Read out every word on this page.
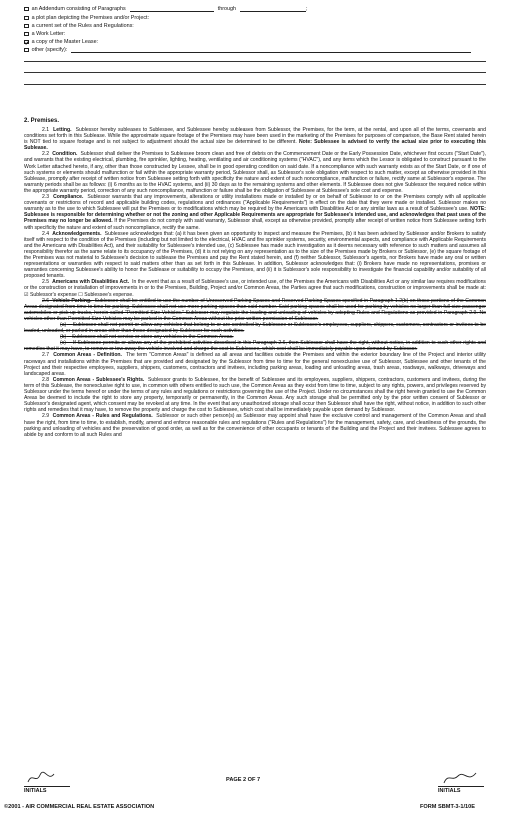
an Addendum consisting of Paragraphs	through	;
a plot plan depicting the Premises and/or Project:
a current set of the Rules and Regulations:
a Work Letter:
a copy of the Master Lease:
other (specify):
2. Premises.

2.1 Letting. Sublessor hereby subleases to Sublessee, and Sublessee hereby subleases from Sublessor, the Premises, for the term, at the rental, and upon all of the terms, covenants and conditions set forth in this Sublease. While the approximate square footage of the Premises may have been used in the marketing of the Premises for purposes of comparison, the Base Rent stated herein is NOT tied to square footage and is not subject to adjustment should the actual size be determined to be different. Note: Sublessee is advised to verify the actual size prior to executing this Sublease.

2.2 Condition. Sublessor shall deliver the Premises to Sublessee broom clean and free of debris on the Commencement Date or the Early Possession Date, whichever first occurs ("Start Date"), and warrants that the existing electrical, plumbing, fire sprinkler, lighting, heating, ventilating and air conditioning systems ("HVAC"), and any items which the Lessor is obligated to construct pursuant to the Work Letter attached hereto, if any, other than those constructed by Lessee, shall be in good operating condition on said date. If a noncompliance with such warranty exists as of the Start Date, or if one of such systems or elements should malfunction or fail within the appropriate warranty period, Sublessor shall, as Sublessor's sole obligation with respect to such matter, except as otherwise provided in this Sublease, promptly after receipt of written notice from Sublessee setting forth with specificity the nature and extent of such noncompliance, malfunction or failure, rectify same at Sublessor's expense. The warranty periods shall be as follows: (i) 6 months as to the HVAC systems, and (ii) 30 days as to the remaining systems and other elements. If Sublessee does not give Sublessor the required notice within the appropriate warranty period, correction of any such noncompliance, malfunction or failure shall be the obligation of Sublessee at Sublessee's sole cost and expense.

2.3 Compliance. Sublessor warrants that any improvements, alterations or utility installations made or installed by or on behalf of Sublessor to or on the Premises comply with all applicable covenants or restrictions of record and applicable building codes, regulations and ordinances ("Applicable Requirements") in effect on the date that they were made or installed. Sublessor makes no warranty as to the use to which Sublessee will put the Premises or to modifications which may be required by the Americans with Disabilities Act or any similar laws as a result of Sublessee's use. NOTE: Sublessee is responsible for determining whether or not the zoning and other Applicable Requirements are appropriate for Sublessee's intended use, and acknowledges that past uses of the Premises may no longer be allowed. If the Premises do not comply with said warranty, Sublessor shall, except as otherwise provided, promptly after receipt of written notice from Sublessee setting forth with specificity the nature and extent of such noncompliance, rectify the same.

2.4 Acknowledgements. Sublessee acknowledges that: (a) it has been given an opportunity to inspect and measure the Premises, (b) it has been advised by Sublessor and/or Brokers to satisfy itself with respect to the condition of the Premises (including but not limited to the electrical, HVAC and fire sprinkler systems, security, environmental aspects, and compliance with Applicable Requirements and the Americans with Disabilities Act), and their suitability for Sublessee's intended use, (c) Sublessee has made such investigation as it deems necessary with reference to such matters and assumes all responsibility therefor as the same relate to its occupancy of the Premises, (d) it is not relying on any representation as to the size of the Premises made by Brokers or Sublessor, (e) the square footage of the Premises was not material to Sublessee's decision to sublease the Premises and pay the Rent stated herein, and (f) neither Sublessor, Sublessor's agents, nor Brokers have made any oral or written representations or warranties with respect to said matters other than as set forth in this Sublease. In addition, Sublessor acknowledges that: (i) Brokers have made no representations, promises or warranties concerning Sublessee's ability to honor the Sublease or suitability to occupy the Premises, and (ii) it is Sublessor's sole responsibility to investigate the financial capability and/or suitability of all proposed tenants.

2.5 Americans with Disabilities Act. In the event that as a result of Sublessee's use, or intended use, of the Premises the Americans with Disabilities Act or any similar law requires modifications or the construction or installation of improvements in or to the Premises, Building, Project and/or Common Areas, the Parties agree that such modifications, construction or improvements shall be made at: ☑ Sublessor's expense ☐ Sublessee's expense.

2.6 Vehicle Parking. Sublessee shall be entitled to use the number of Unreserved Parking Spaces and Reserved Parking Spaces specified in Paragraph 1.2(b) on those portions of the Common Areas designated from time to time for parking. Sublessee shall not use more parking spaces than said number. Said parking spaces shall be used for parking by vehicles no larger than full-size passenger automobiles or pick-up trucks, herein called "Permitted Size Vehicles." Sublessor may regulate the loading and unloading of vehicles by adopting Rules and Regulations as provided in Paragraph 2.9. No vehicles other than Permitted Size Vehicles may be parked in the Common Areas without the prior written permission of Sublessor.

(a) Sublessee shall not permit or allow any vehicles that belong to or are controlled by Sublessee or Sublessee's employees, suppliers, shippers, customers, contractors or invitees to be loaded, unloaded, or parked in areas other than those designated by Sublessor for such activities.

(b) Sublessee shall not service or store any vehicles in the Common Areas.

(c) If Sublessee permits or allows any of the prohibited activities described in this Paragraph 2.6, then Sublessor shall have the right, without notice, in addition to such other rights and remedies that it may have, to remove or tow away the vehicle involved and charge the cost to Sublessee, which cost shall be immediately payable upon demand by Sublessor.

2.7 Common Areas - Definition. The term "Common Areas" is defined as all areas and facilities outside the Premises and within the exterior boundary line of the Project and interior utility raceways and installations within the Premises that are provided and designated by the Sublessor from time to time for the general nonexclusive use of Sublessor, Sublessee and other tenants of the Project and their respective employees, suppliers, shippers, customers, contractors and invitees, including parking areas, loading and unloading areas, trash areas, roadways, walkways, driveways and landscaped areas.

2.8 Common Areas - Sublessee's Rights. Sublessor grants to Sublessee, for the benefit of Sublessee and its employees, suppliers, shippers, contractors, customers and invitees, during the term of this Sublease, the nonexclusive right to use, in common with others entitled to such use, the Common Areas as they exist from time to time, subject to any rights, powers, and privileges reserved by Sublessor under the terms hereof or under the terms of any rules and regulations or restrictions governing the use of the Project. Under no circumstances shall the right herein granted to use the Common Areas be deemed to include the right to store any property, temporarily or permanently, in the Common Areas. Any such storage shall be permitted only by the prior written consent of Sublessor or Sublessor's designated agent, which consent may be revoked at any time. In the event that any unauthorized storage shall occur then Sublessor shall have the right, without notice, in addition to such other rights and remedies that it may have, to remove the property and charge the cost to Sublessee, which cost shall be immediately payable upon demand by Sublessor.

2.9 Common Areas - Rules and Regulations. Sublessor or such other person(s) as Sublessor may appoint shall have the exclusive control and management of the Common Areas and shall have the right, from time to time, to establish, modify, amend and enforce reasonable rules and regulations ("Rules and Regulations") for the management, safety, care, and cleanliness of the grounds, the parking and unloading of vehicles and the preservation of good order, as well as for the convenience of other occupants or tenants of the Building and the Project and their invitees. Sublessee agrees to abide by and conform to all such Rules and

INITIALS	INITIALS
PAGE 2 OF 7
©2001 - AIR COMMERCIAL REAL ESTATE ASSOCIATION	FORM SBMT-3-1/10E
